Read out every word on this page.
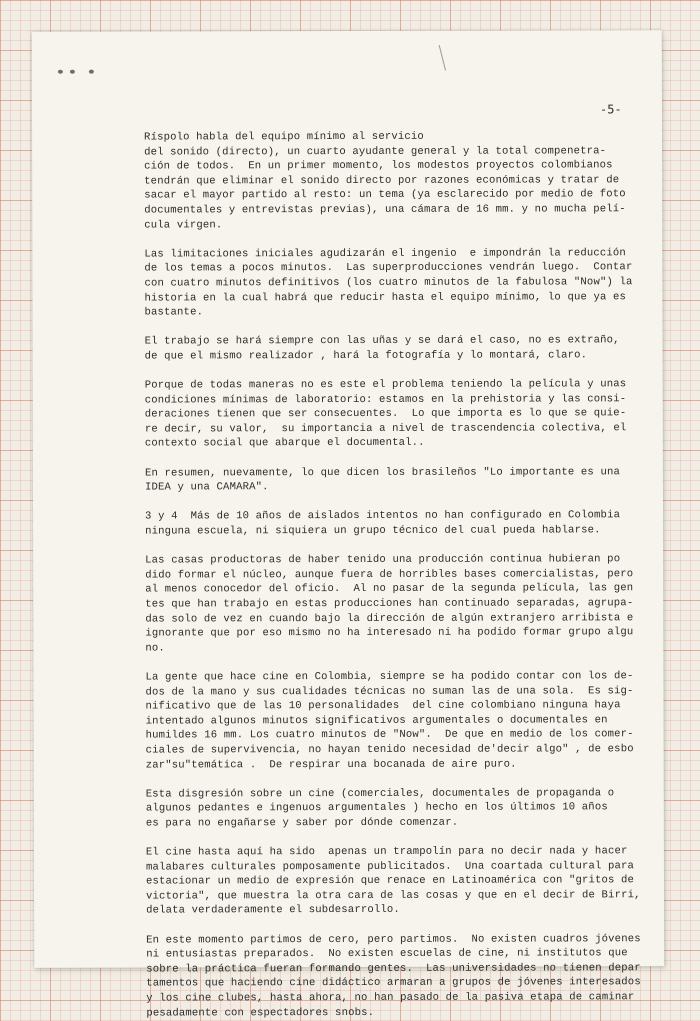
-5-

Ríspolo habla del equipo mínimo al servicio
del sonido (directo), un cuarto ayudante general y la total compenetra-
ción de todos.  En un primer momento, los modestos proyectos colombianos
tendrán que eliminar el sonido directo por razones económicas y tratar de
sacar el mayor partido al resto: un tema (ya esclarecido por medio de foto
documentales y entrevistas previas), una cámara de 16 mm. y no mucha pelí-
cula virgen.

Las limitaciones iniciales agudizarán el ingenio  e impondrán la reducción
de los temas a pocos minutos.  Las superproducciones vendrán luego.  Contar
con cuatro minutos definitivos (los cuatro minutos de la fabulosa "Now") la
historia en la cual habrá que reducir hasta el equipo mínimo, lo que ya es
bastante.

El trabajo se hará siempre con las uñas y se dará el caso, no es extraño,
de que el mismo realizador , hará la fotografía y lo montará, claro.

Porque de todas maneras no es este el problema teniendo la película y unas
condiciones mínimas de laboratorio: estamos en la prehistoria y las consi-
deraciones tienen que ser consecuentes.  Lo que importa es lo que se quie-
re decir, su valor,  su importancia a nivel de trascendencia colectiva, el
contexto social que abarque el documental..

En resumen, nuevamente, lo que dicen los brasileños "Lo importante es una
IDEA y una CAMARA".

3 y 4  Más de 10 años de aislados intentos no han configurado en Colombia
ninguna escuela, ni siquiera un grupo técnico del cual pueda hablarse.

Las casas productoras de haber tenido una producción continua hubieran po
dido formar el núcleo, aunque fuera de horribles bases comercialistas, pero
al menos conocedor del oficio.  Al no pasar de la segunda película, las gen
tes que han trabajo en estas producciones han continuado separadas, agrupa-
das solo de vez en cuando bajo la dirección de algún extranjero arribista e
ignorante que por eso mismo no ha interesado ni ha podido formar grupo algu
no.

La gente que hace cine en Colombia, siempre se ha podido contar con los de-
dos de la mano y sus cualidades técnicas no suman las de una sola.  Es sig-
nificativo que de las 10 personalidades  del cine colombiano ninguna haya
intentado algunos minutos significativos argumentales o documentales en
humildes 16 mm. Los cuatro minutos de "Now".  De que en medio de los comer-
ciales de supervivencia, no hayan tenido necesidad de'decir algo" , de esbo
zar"su"temática .  De respirar una bocanada de aire puro.

Esta disgresión sobre un cine (comerciales, documentales de propaganda o
algunos pedantes e ingenuos argumentales ) hecho en los últimos 10 años
es para no engañarse y saber por dónde comenzar.

El cine hasta aquí ha sido  apenas un trampolín para no decir nada y hacer
malabares culturales pomposamente publicitados.  Una coartada cultural para
estacionar un medio de expresión que renace en Latinoamérica con "gritos de
victoria", que muestra la otra cara de las cosas y que en el decir de Birri,
delata verdaderamente el subdesarrollo.

En este momento partimos de cero, pero partimos.  No existen cuadros jóvenes
ni entusiastas preparados.  No existen escuelas de cine, ni institutos que
sobre la práctica fueran formando gentes.  Las universidades no tienen depar
tamentos que haciendo cine didáctico armaran a grupos de jóvenes interesados
y los cine clubes, hasta ahora, no han pasado de la pasiva etapa de caminar
pesadamente con espectadores snobs.
